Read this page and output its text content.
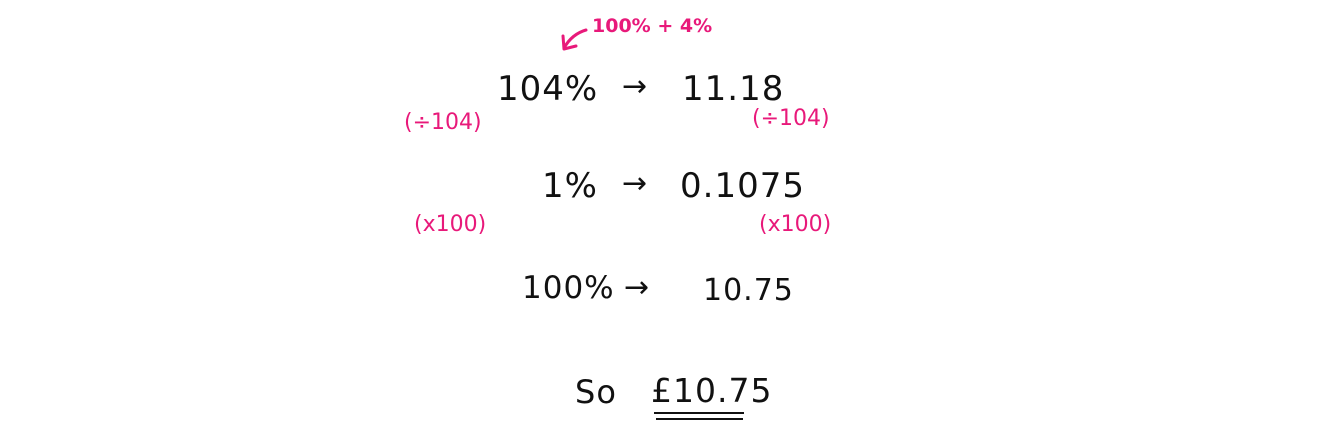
100% + 4%
104% → 11.18
(÷104)	(÷104)
1% → 0.1075
(x100)	(x100)
100% → 10.75
So £10.75
